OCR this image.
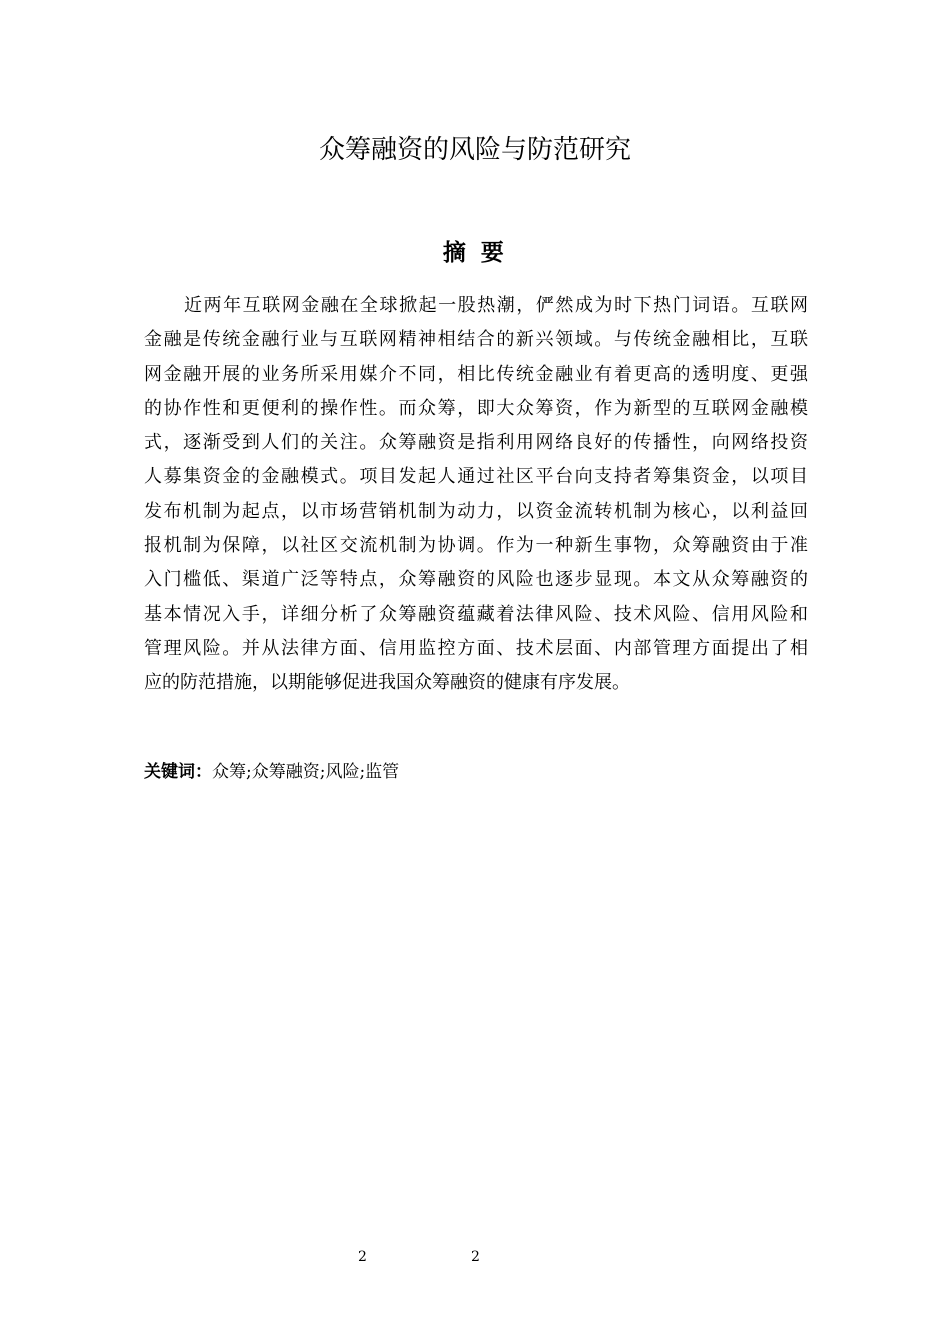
众筹融资的风险与防范研究
摘 要
近两年互联网金融在全球掀起一股热潮，俨然成为时下热门词语。互联网
金融是传统金融行业与互联网精神相结合的新兴领域。与传统金融相比，互联
网金融开展的业务所采用媒介不同，相比传统金融业有着更高的透明度、更强
的协作性和更便利的操作性。而众筹，即大众筹资，作为新型的互联网金融模
式，逐渐受到人们的关注。众筹融资是指利用网络良好的传播性，向网络投资
人募集资金的金融模式。项目发起人通过社区平台向支持者筹集资金，以项目
发布机制为起点，以市场营销机制为动力，以资金流转机制为核心，以利益回
报机制为保障，以社区交流机制为协调。作为一种新生事物，众筹融资由于准
入门槛低、渠道广泛等特点，众筹融资的风险也逐步显现。本文从众筹融资的
基本情况入手，详细分析了众筹融资蕴藏着法律风险、技术风险、信用风险和
管理风险。并从法律方面、信用监控方面、技术层面、内部管理方面提出了相
应的防范措施，以期能够促进我国众筹融资的健康有序发展。
关键词：众筹;众筹融资;风险;监管
2	2
